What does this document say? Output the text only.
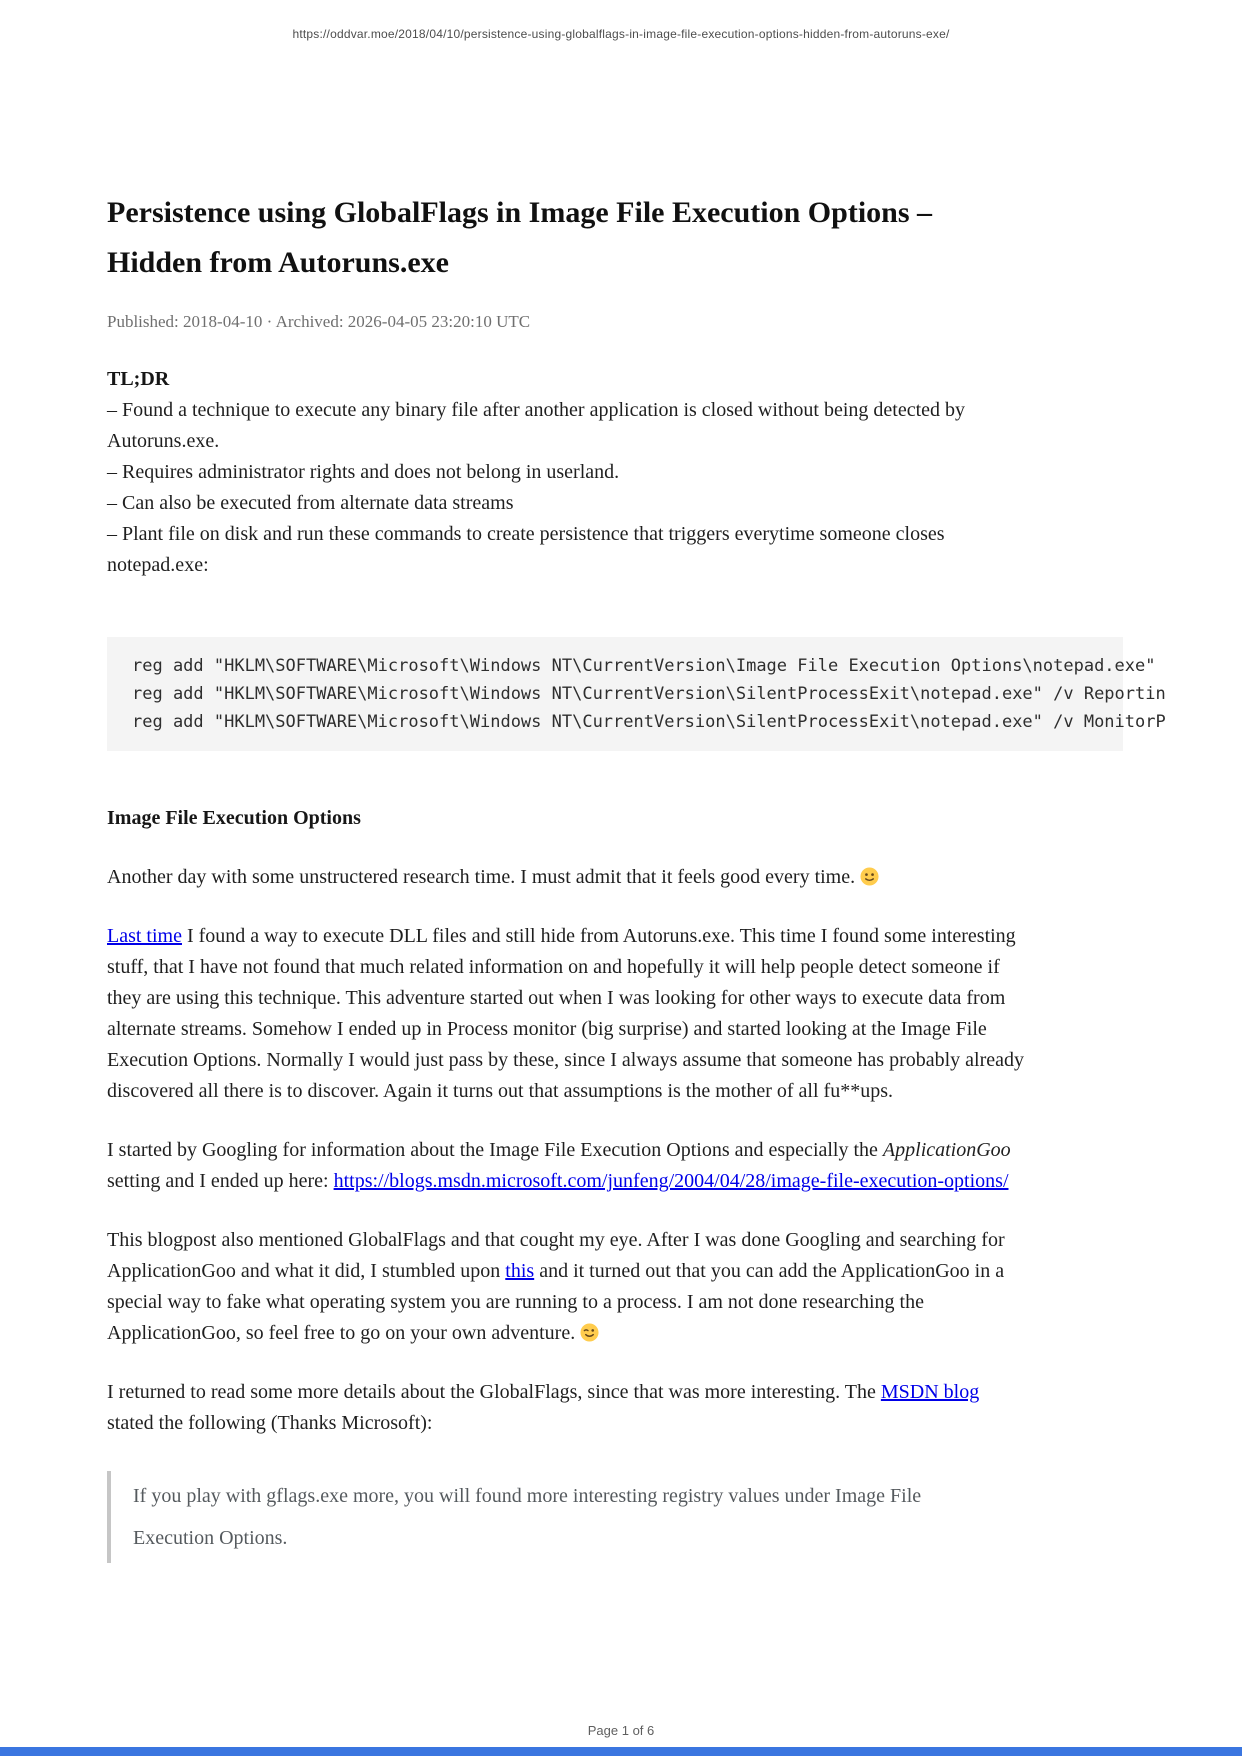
https://oddvar.moe/2018/04/10/persistence-using-globalflags-in-image-file-execution-options-hidden-from-autoruns-exe/
Persistence using GlobalFlags in Image File Execution Options –
Hidden from Autoruns.exe
Published: 2018-04-10 · Archived: 2026-04-05 23:20:10 UTC
TL;DR
– Found a technique to execute any binary file after another application is closed without being detected by Autoruns.exe.
– Requires administrator rights and does not belong in userland.
– Can also be executed from alternate data streams
– Plant file on disk and run these commands to create persistence that triggers everytime someone closes notepad.exe:
reg add "HKLM\SOFTWARE\Microsoft\Windows NT\CurrentVersion\Image File Execution Options\notepad.exe"
reg add "HKLM\SOFTWARE\Microsoft\Windows NT\CurrentVersion\SilentProcessExit\notepad.exe" /v Reportin
reg add "HKLM\SOFTWARE\Microsoft\Windows NT\CurrentVersion\SilentProcessExit\notepad.exe" /v MonitorP
Image File Execution Options

Another day with some unstructered research time. I must admit that it feels good every time.

Last time I found a way to execute DLL files and still hide from Autoruns.exe. This time I found some interesting stuff, that I have not found that much related information on and hopefully it will help people detect someone if they are using this technique. This adventure started out when I was looking for other ways to execute data from alternate streams. Somehow I ended up in Process monitor (big surprise) and started looking at the Image File Execution Options. Normally I would just pass by these, since I always assume that someone has probably already discovered all there is to discover. Again it turns out that assumptions is the mother of all fu**ups.

I started by Googling for information about the Image File Execution Options and especially the ApplicationGoo setting and I ended up here: https://blogs.msdn.microsoft.com/junfeng/2004/04/28/image-file-execution-options/

This blogpost also mentioned GlobalFlags and that cought my eye. After I was done Googling and searching for ApplicationGoo and what it did, I stumbled upon this and it turned out that you can add the ApplicationGoo in a special way to fake what operating system you are running to a process. I am not done researching the ApplicationGoo, so feel free to go on your own adventure.

I returned to read some more details about the GlobalFlags, since that was more interesting. The MSDN blog stated the following (Thanks Microsoft):

If you play with gflags.exe more, you will found more interesting registry values under Image File Execution Options.
Page 1 of 6
